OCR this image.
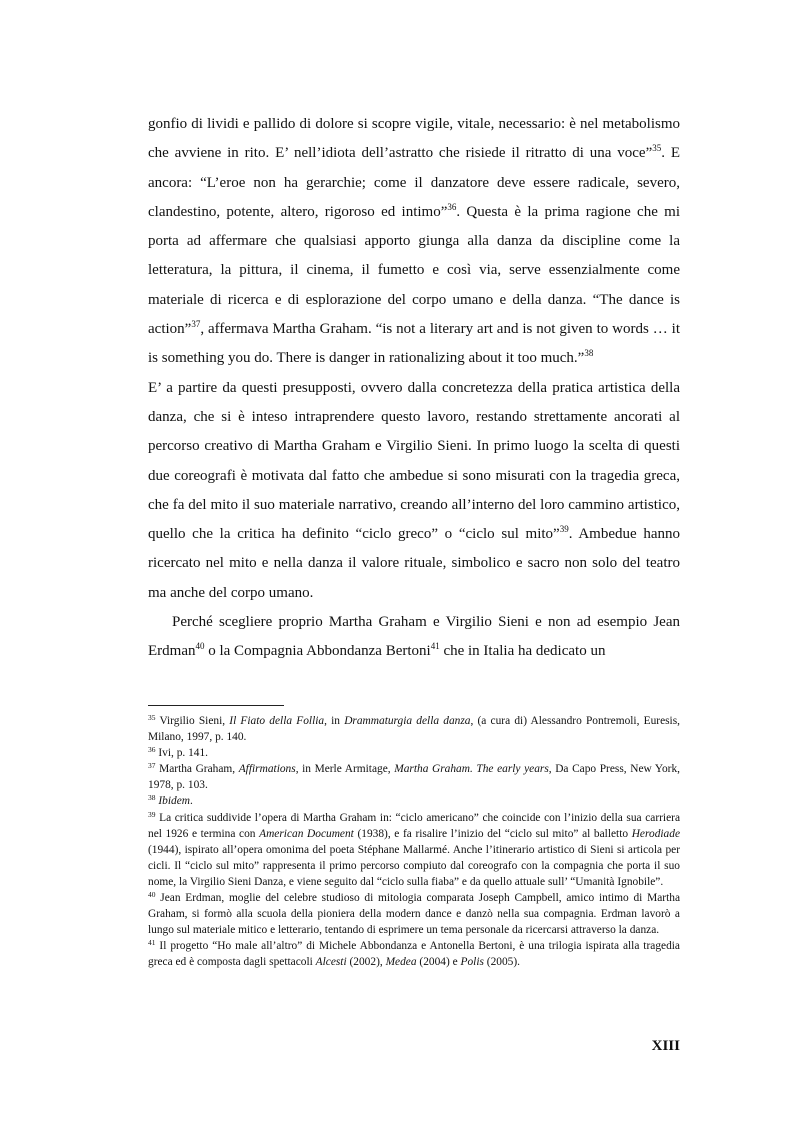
gonfio di lividi e pallido di dolore si scopre vigile, vitale, necessario: è nel metabolismo che avviene in rito. E’ nell’idiota dell’astratto che risiede il ritratto di una voce”$^{35}$. E ancora: “L’eroe non ha gerarchie; come il danzatore deve essere radicale, severo, clandestino, potente, altero, rigoroso ed intimo”$^{36}$. Questa è la prima ragione che mi porta ad affermare che qualsiasi apporto giunga alla danza da discipline come la letteratura, la pittura, il cinema, il fumetto e così via, serve essenzialmente come materiale di ricerca e di esplorazione del corpo umano e della danza. “The dance is action”$^{37}$, affermava Martha Graham. “is not a literary art and is not given to words … it is something you do. There is danger in rationalizing about it too much.”$^{38}$

E’ a partire da questi presupposti, ovvero dalla concretezza della pratica artistica della danza, che si è inteso intraprendere questo lavoro, restando strettamente ancorati al percorso creativo di Martha Graham e Virgilio Sieni. In primo luogo la scelta di questi due coreografi è motivata dal fatto che ambedue si sono misurati con la tragedia greca, che fa del mito il suo materiale narrativo, creando all’interno del loro cammino artistico, quello che la critica ha definito “ciclo greco” o “ciclo sul mito”$^{39}$. Ambedue hanno ricercato nel mito e nella danza il valore rituale, simbolico e sacro non solo del teatro ma anche del corpo umano.

Perché scegliere proprio Martha Graham e Virgilio Sieni e non ad esempio Jean Erdman$^{40}$ o la Compagnia Abbondanza Bertoni$^{41}$ che in Italia ha dedicato un

$^{35}$ Virgilio Sieni, Il Fiato della Follia, in Drammaturgia della danza, (a cura di) Alessandro Pontremoli, Euresis, Milano, 1997, p. 140.

$^{36}$ Ivi, p. 141.

$^{37}$ Martha Graham, Affirmations, in Merle Armitage, Martha Graham. The early years, Da Capo Press, New York, 1978, p. 103.

$^{38}$ Ibidem.

$^{39}$ La critica suddivide l’opera di Martha Graham in: “ciclo americano” che coincide con l’inizio della sua carriera nel 1926 e termina con American Document (1938), e fa risalire l’inizio del “ciclo sul mito” al balletto Herodiade (1944), ispirato all’opera omonima del poeta Stéphane Mallarmé. Anche l’itinerario artistico di Sieni si articola per cicli. Il “ciclo sul mito” rappresenta il primo percorso compiuto dal coreografo con la compagnia che porta il suo nome, la Virgilio Sieni Danza, e viene seguito dal “ciclo sulla fiaba” e da quello attuale sull’ “Umanità Ignobile”.

$^{40}$ Jean Erdman, moglie del celebre studioso di mitologia comparata Joseph Campbell, amico intimo di Martha Graham, si formò alla scuola della pioniera della modern dance e danzò nella sua compagnia. Erdman lavorò a lungo sul materiale mitico e letterario, tentando di esprimere un tema personale da ricercarsi attraverso la danza.

$^{41}$ Il progetto “Ho male all’altro” di Michele Abbondanza e Antonella Bertoni, è una trilogia ispirata alla tragedia greca ed è composta dagli spettacoli Alcesti (2002), Medea (2004) e Polis (2005).

XIII
